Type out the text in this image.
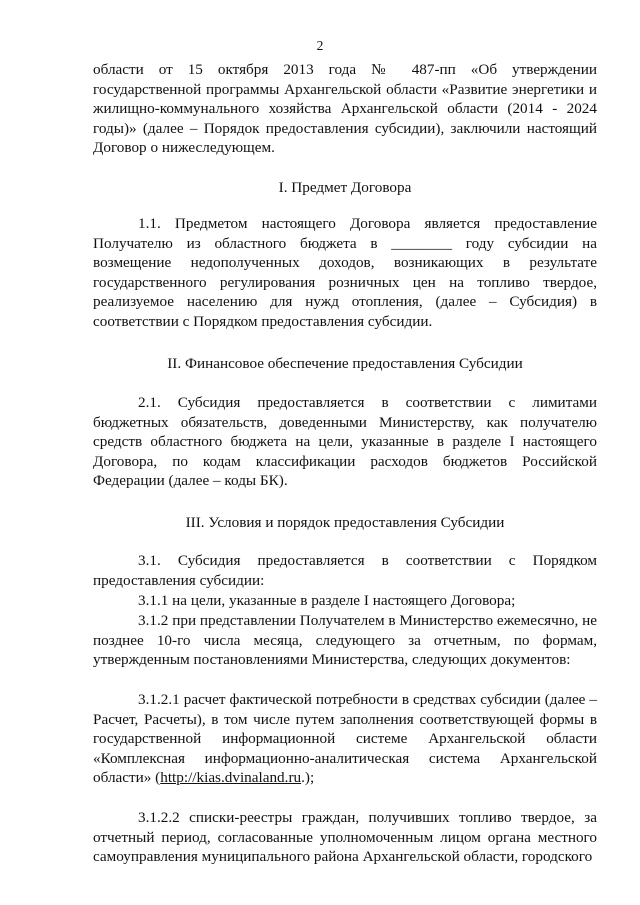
2

области от 15 октября 2013 года № 487-пп «Об утверждении государственной программы Архангельской области «Развитие энергетики и жилищно-коммунального хозяйства Архангельской области (2014 - 2024 годы)» (далее – Порядок предоставления субсидии), заключили настоящий Договор о нижеследующем.

I. Предмет Договора

1.1. Предметом настоящего Договора является предоставление Получателю из областного бюджета в ________ году субсидии на возмещение недополученных доходов, возникающих в результате государственного регулирования розничных цен на топливо твердое, реализуемое населению для нужд отопления, (далее – Субсидия) в соответствии с Порядком предоставления субсидии.

II. Финансовое обеспечение предоставления Субсидии

2.1. Субсидия предоставляется в соответствии с лимитами бюджетных обязательств, доведенными Министерству, как получателю средств областного бюджета на цели, указанные в разделе I настоящего Договора, по кодам классификации расходов бюджетов Российской Федерации (далее – коды БК).

III. Условия и порядок предоставления Субсидии

3.1. Субсидия предоставляется в соответствии с Порядком предоставления субсидии:

3.1.1 на цели, указанные в разделе I настоящего Договора;

3.1.2 при представлении Получателем в Министерство ежемесячно, не позднее 10-го числа месяца, следующего за отчетным, по формам, утвержденным постановлениями Министерства, следующих документов:

3.1.2.1 расчет фактической потребности в средствах субсидии (далее – Расчет, Расчеты), в том числе путем заполнения соответствующей формы в государственной информационной системе Архангельской области «Комплексная информационно-аналитическая система Архангельской области» (http://kias.dvinaland.ru.);

3.1.2.2 списки-реестры граждан, получивших топливо твердое, за отчетный период, согласованные уполномоченным лицом органа местного самоуправления муниципального района Архангельской области, городского
